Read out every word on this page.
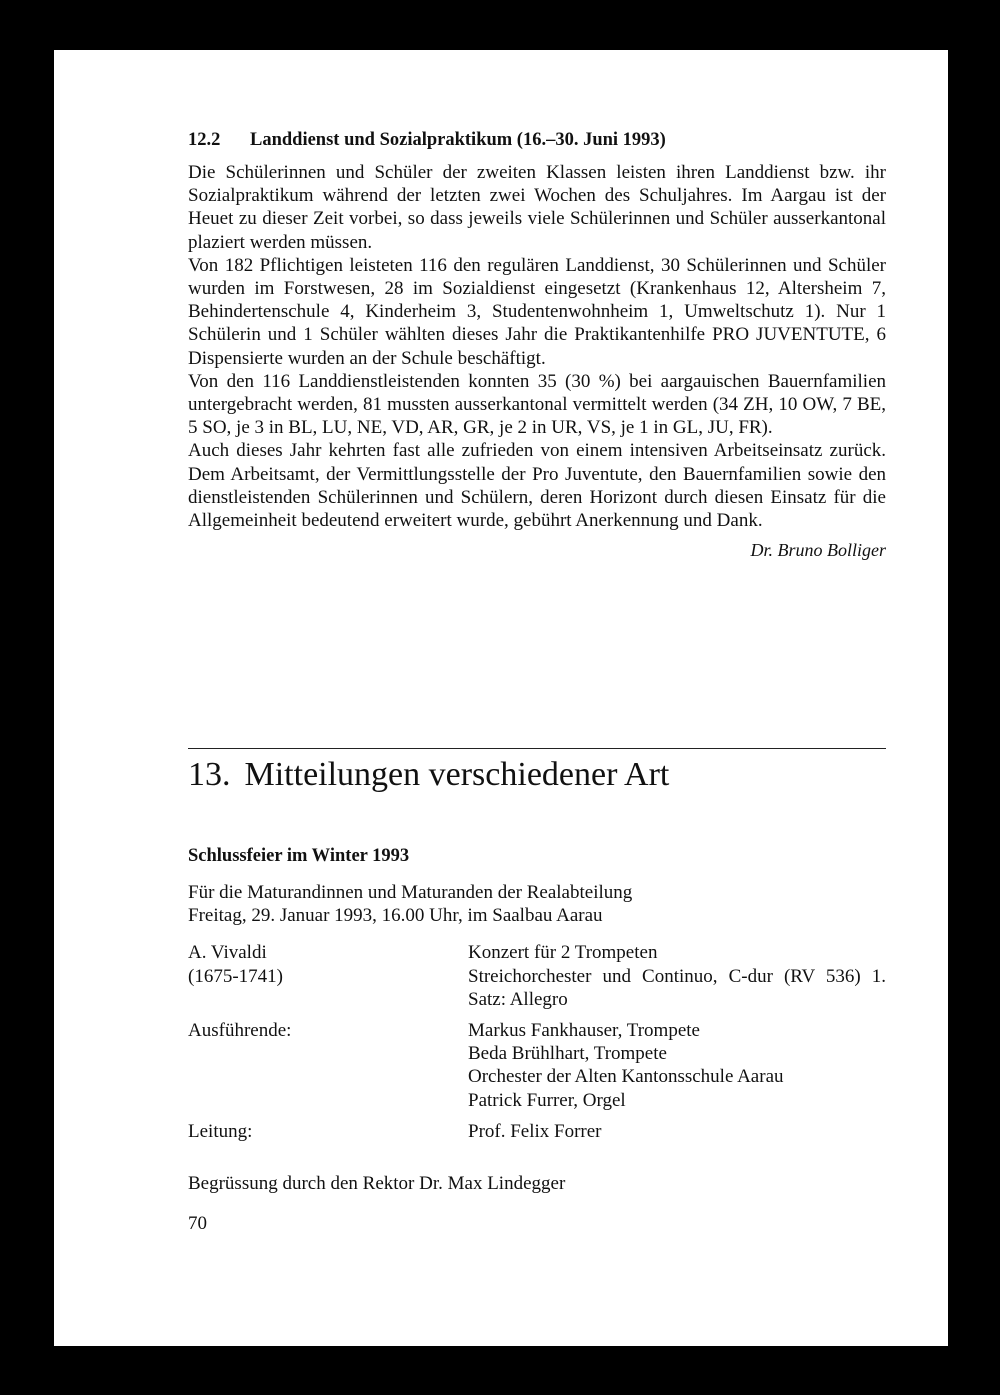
12.2 Landdienst und Sozialpraktikum (16.–30. Juni 1993)

Die Schülerinnen und Schüler der zweiten Klassen leisten ihren Landdienst bzw. ihr Sozialpraktikum während der letzten zwei Wochen des Schuljahres. Im Aargau ist der Heuet zu dieser Zeit vorbei, so dass jeweils viele Schülerinnen und Schüler ausserkantonal plaziert werden müssen.

Von 182 Pflichtigen leisteten 116 den regulären Landdienst, 30 Schülerinnen und Schüler wurden im Forstwesen, 28 im Sozialdienst eingesetzt (Krankenhaus 12, Altersheim 7, Behindertenschule 4, Kinderheim 3, Studentenwohnheim 1, Umweltschutz 1). Nur 1 Schülerin und 1 Schüler wählten dieses Jahr die Praktikantenhilfe PRO JUVENTUTE, 6 Dispensierte wurden an der Schule beschäftigt.

Von den 116 Landdienstleistenden konnten 35 (30 %) bei aargauischen Bauernfamilien untergebracht werden, 81 mussten ausserkantonal vermittelt werden (34 ZH, 10 OW, 7 BE, 5 SO, je 3 in BL, LU, NE, VD, AR, GR, je 2 in UR, VS, je 1 in GL, JU, FR).

Auch dieses Jahr kehrten fast alle zufrieden von einem intensiven Arbeitseinsatz zurück. Dem Arbeitsamt, der Vermittlungsstelle der Pro Juventute, den Bauernfamilien sowie den dienstleistenden Schülerinnen und Schülern, deren Horizont durch diesen Einsatz für die Allgemeinheit bedeutend erweitert wurde, gebührt Anerkennung und Dank.

Dr. Bruno Bolliger
13. Mitteilungen verschiedener Art
Schlussfeier im Winter 1993
Für die Maturandinnen und Maturanden der Realabteilung
Freitag, 29. Januar 1993, 16.00 Uhr, im Saalbau Aarau
A. Vivaldi
(1675-1741)
Konzert für 2 Trompeten
Streichorchester und Continuo, C-dur (RV 536) 1. Satz: Allegro
Ausführende:	Markus Fankhauser, Trompete
Beda Brühlhart, Trompete
Orchester der Alten Kantonsschule Aarau
Patrick Furrer, Orgel
Leitung:	Prof. Felix Forrer
Begrüssung durch den Rektor Dr. Max Lindegger
70
